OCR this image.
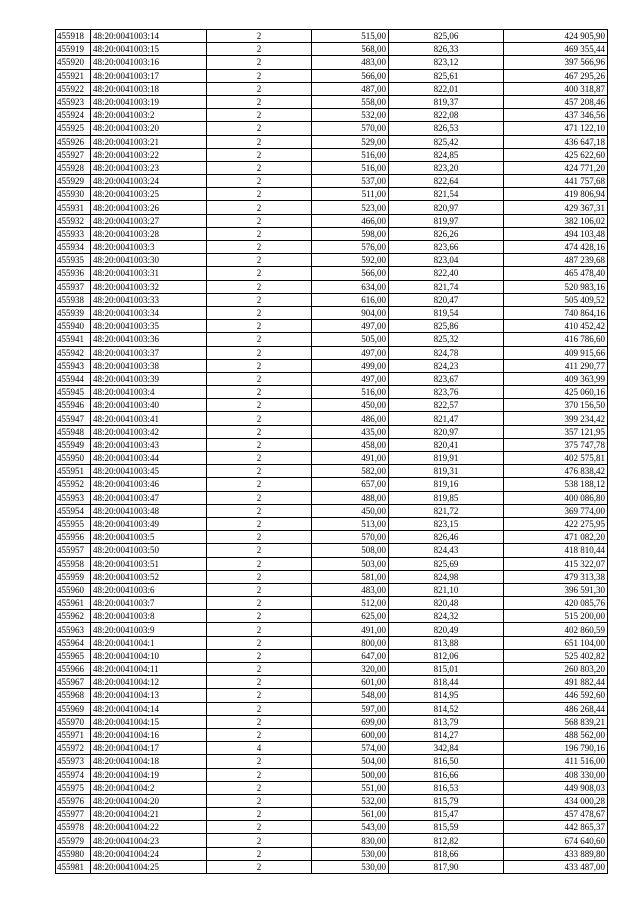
455918	48:20:0041003:14	2	515,00	825,06	424 905,90
455919	48:20:0041003:15	2	568,00	826,33	469 355,44
455920	48:20:0041003:16	2	483,00	823,12	397 566,96
455921	48:20:0041003:17	2	566,00	825,61	467 295,26
455922	48:20:0041003:18	2	487,00	822,01	400 318,87
455923	48:20:0041003:19	2	558,00	819,37	457 208,46
455924	48:20:0041003:2	2	532,00	822,08	437 346,56
455925	48:20:0041003:20	2	570,00	826,53	471 122,10
455926	48:20:0041003:21	2	529,00	825,42	436 647,18
455927	48:20:0041003:22	2	516,00	824,85	425 622,60
455928	48:20:0041003:23	2	516,00	823,20	424 771,20
455929	48:20:0041003:24	2	537,00	822,64	441 757,68
455930	48:20:0041003:25	2	511,00	821,54	419 806,94
455931	48:20:0041003:26	2	523,00	820,97	429 367,31
455932	48:20:0041003:27	2	466,00	819,97	382 106,02
455933	48:20:0041003:28	2	598,00	826,26	494 103,48
455934	48:20:0041003:3	2	576,00	823,66	474 428,16
455935	48:20:0041003:30	2	592,00	823,04	487 239,68
455936	48:20:0041003:31	2	566,00	822,40	465 478,40
455937	48:20:0041003:32	2	634,00	821,74	520 983,16
455938	48:20:0041003:33	2	616,00	820,47	505 409,52
455939	48:20:0041003:34	2	904,00	819,54	740 864,16
455940	48:20:0041003:35	2	497,00	825,86	410 452,42
455941	48:20:0041003:36	2	505,00	825,32	416 786,60
455942	48:20:0041003:37	2	497,00	824,78	409 915,66
455943	48:20:0041003:38	2	499,00	824,23	411 290,77
455944	48:20:0041003:39	2	497,00	823,67	409 363,99
455945	48:20:0041003:4	2	516,00	823,76	425 060,16
455946	48:20:0041003:40	2	450,00	822,57	370 156,50
455947	48:20:0041003:41	2	486,00	821,47	399 234,42
455948	48:20:0041003:42	2	435,00	820,97	357 121,95
455949	48:20:0041003:43	2	458,00	820,41	375 747,78
455950	48:20:0041003:44	2	491,00	819,91	402 575,81
455951	48:20:0041003:45	2	582,00	819,31	476 838,42
455952	48:20:0041003:46	2	657,00	819,16	538 188,12
455953	48:20:0041003:47	2	488,00	819,85	400 086,80
455954	48:20:0041003:48	2	450,00	821,72	369 774,00
455955	48:20:0041003:49	2	513,00	823,15	422 275,95
455956	48:20:0041003:5	2	570,00	826,46	471 082,20
455957	48:20:0041003:50	2	508,00	824,43	418 810,44
455958	48:20:0041003:51	2	503,00	825,69	415 322,07
455959	48:20:0041003:52	2	581,00	824,98	479 313,38
455960	48:20:0041003:6	2	483,00	821,10	396 591,30
455961	48:20:0041003:7	2	512,00	820,48	420 085,76
455962	48:20:0041003:8	2	625,00	824,32	515 200,00
455963	48:20:0041003:9	2	491,00	820,49	402 860,59
455964	48:20:0041004:1	2	800,00	813,88	651 104,00
455965	48:20:0041004:10	2	647,00	812,06	525 402,82
455966	48:20:0041004:11	2	320,00	815,01	260 803,20
455967	48:20:0041004:12	2	601,00	818,44	491 882,44
455968	48:20:0041004:13	2	548,00	814,95	446 592,60
455969	48:20:0041004:14	2	597,00	814,52	486 268,44
455970	48:20:0041004:15	2	699,00	813,79	568 839,21
455971	48:20:0041004:16	2	600,00	814,27	488 562,00
455972	48:20:0041004:17	4	574,00	342,84	196 790,16
455973	48:20:0041004:18	2	504,00	816,50	411 516,00
455974	48:20:0041004:19	2	500,00	816,66	408 330,00
455975	48:20:0041004:2	2	551,00	816,53	449 908,03
455976	48:20:0041004:20	2	532,00	815,79	434 000,28
455977	48:20:0041004:21	2	561,00	815,47	457 478,67
455978	48:20:0041004:22	2	543,00	815,59	442 865,37
455979	48:20:0041004:23	2	830,00	812,82	674 640,60
455980	48:20:0041004:24	2	530,00	818,66	433 889,80
455981	48:20:0041004:25	2	530,00	817,90	433 487,00
